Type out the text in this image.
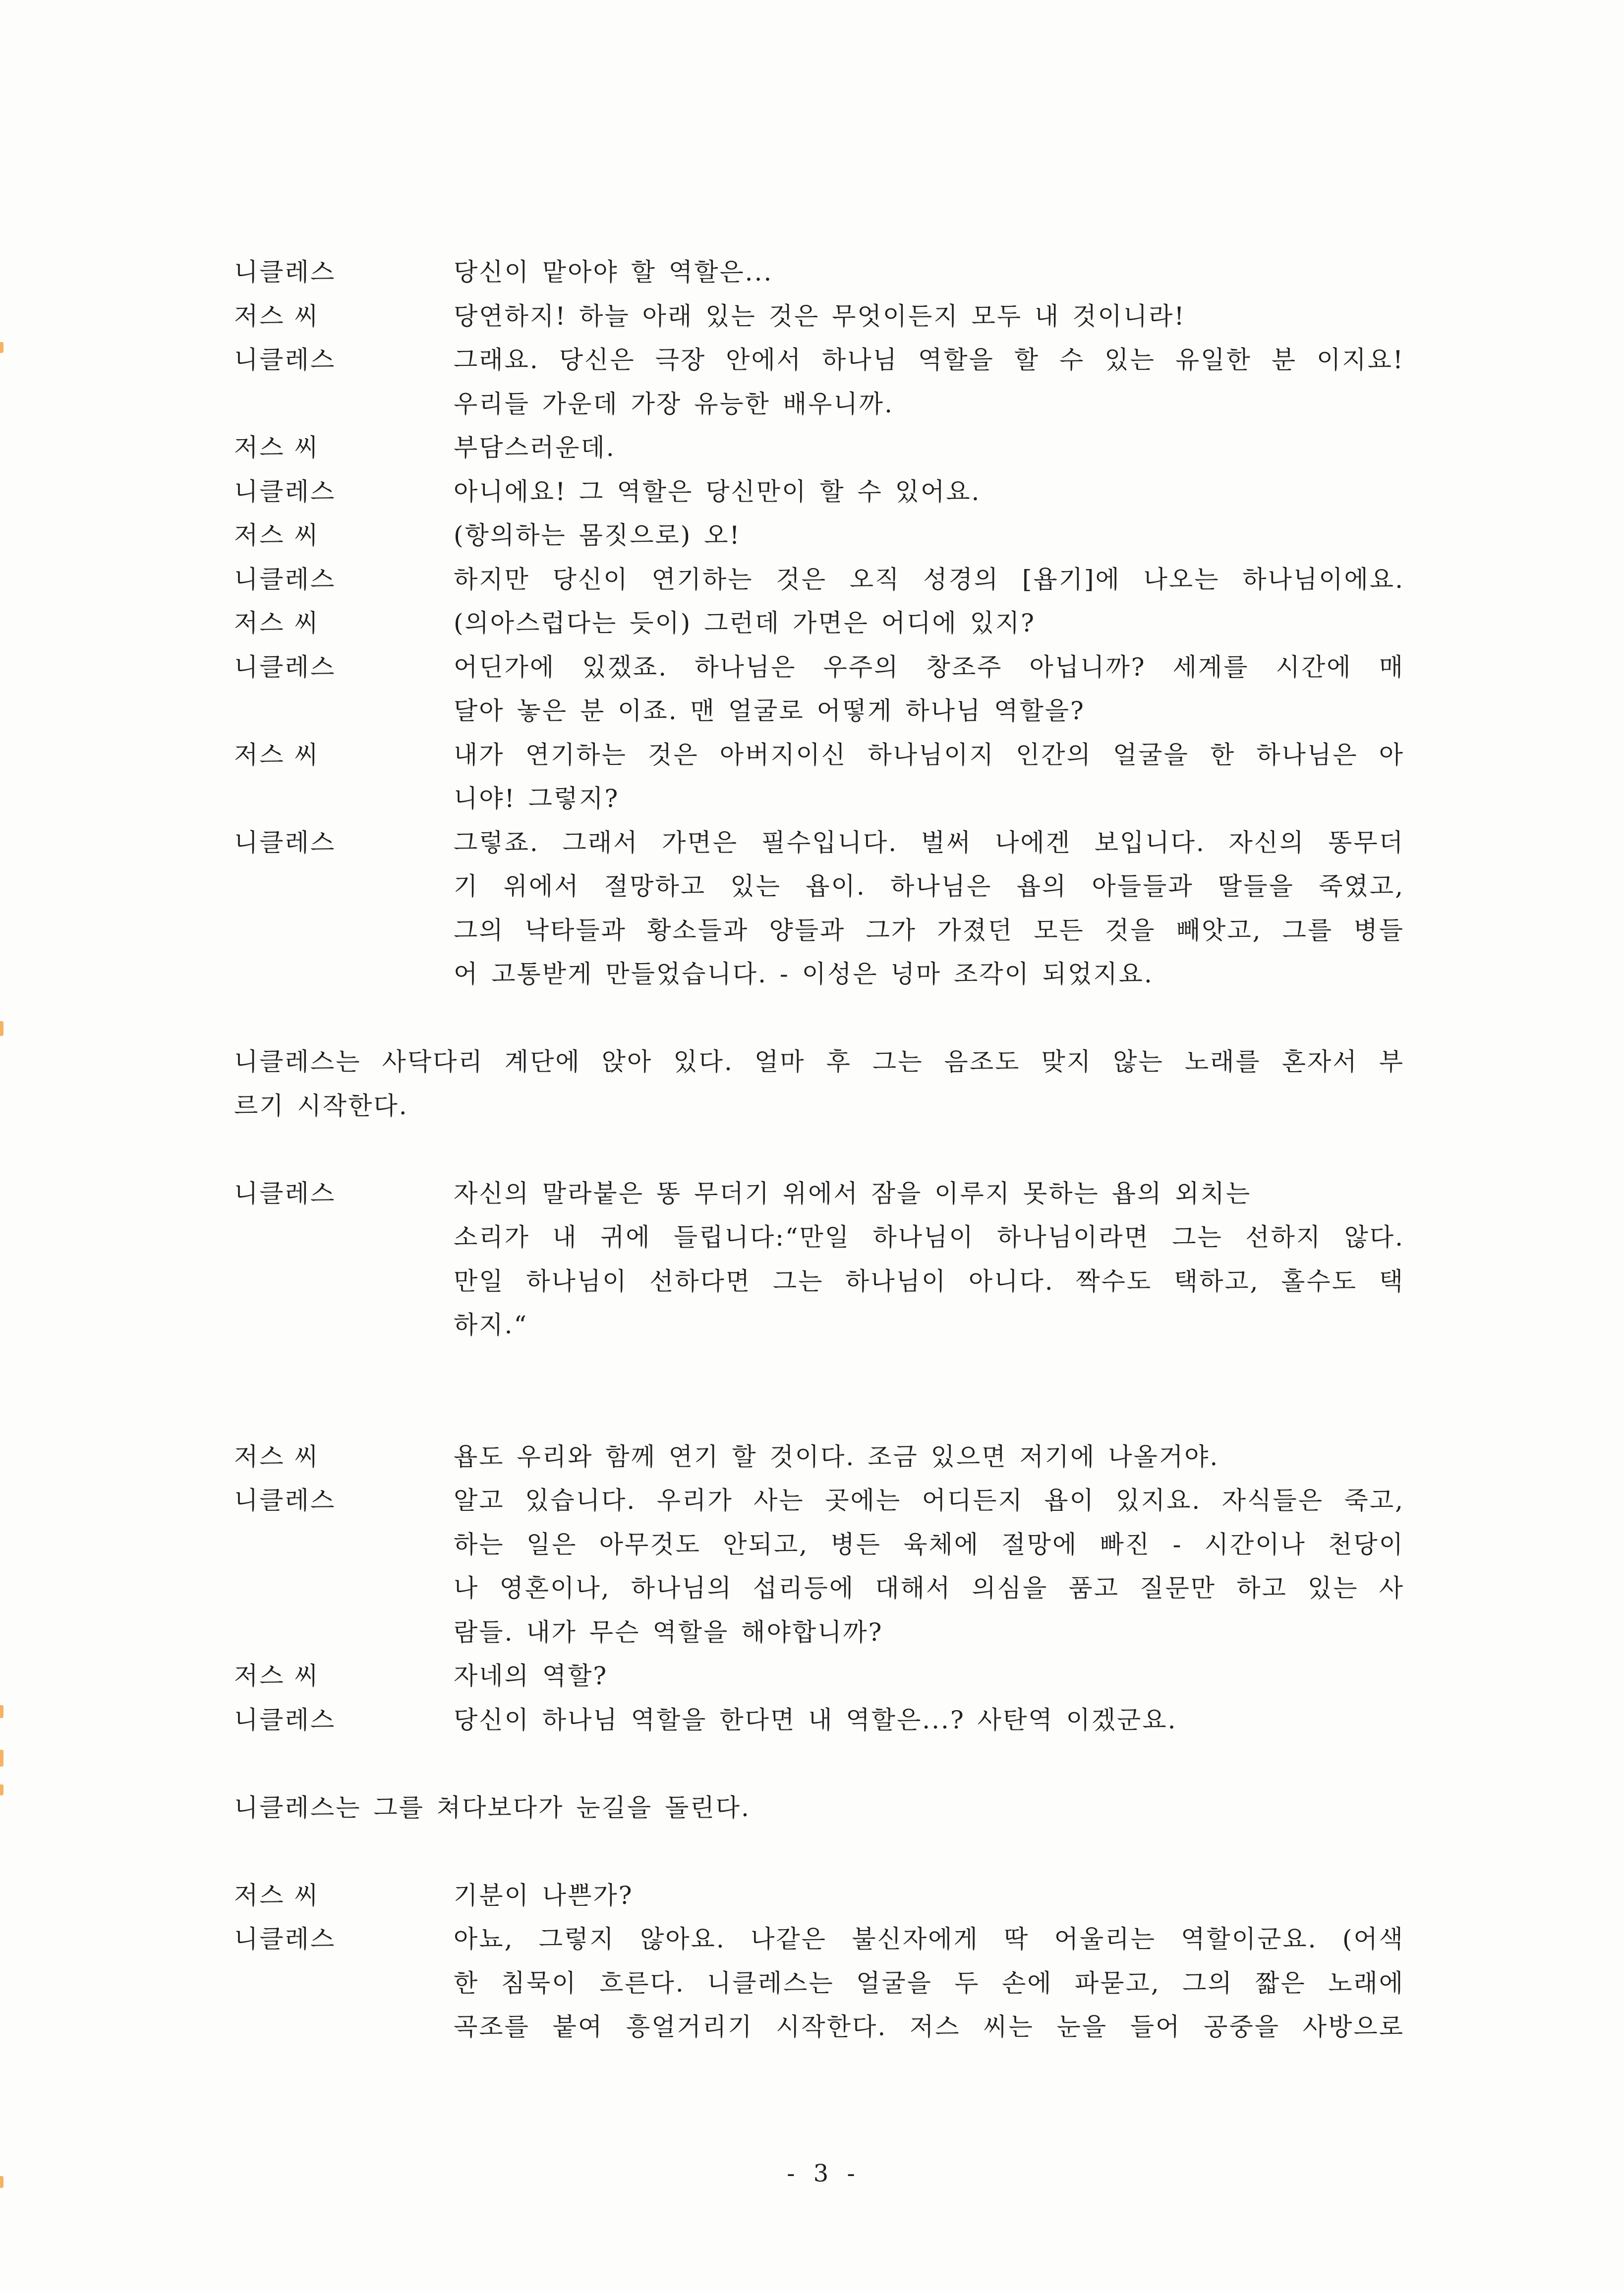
니클레스	당신이 맡아야 할 역할은...
저스 씨	당연하지! 하늘 아래 있는 것은 무엇이든지 모두 내 것이니라!
니클레스	그래요. 당신은 극장 안에서 하나님 역할을 할 수 있는 유일한 분 이지요!
우리들 가운데 가장 유능한 배우니까.
저스 씨	부담스러운데.
니클레스	아니에요! 그 역할은 당신만이 할 수 있어요.
저스 씨	(항의하는 몸짓으로) 오!
니클레스	하지만 당신이 연기하는 것은 오직 성경의 [욥기]에 나오는 하나님이에요.
저스 씨	(의아스럽다는 듯이) 그런데 가면은 어디에 있지?
니클레스	어딘가에 있겠죠. 하나님은 우주의 창조주 아닙니까? 세계를 시간에 매
달아 놓은 분 이죠. 맨 얼굴로 어떻게 하나님 역할을?
저스 씨	내가 연기하는 것은 아버지이신 하나님이지 인간의 얼굴을 한 하나님은 아
니야! 그렇지?
니클레스	그렇죠. 그래서 가면은 필수입니다. 벌써 나에겐 보입니다. 자신의 똥무더
기 위에서 절망하고 있는 욥이. 하나님은 욥의 아들들과 딸들을 죽였고,
그의 낙타들과 황소들과 양들과 그가 가졌던 모든 것을 빼앗고, 그를 병들
어 고통받게 만들었습니다. - 이성은 넝마 조각이 되었지요.
니클레스는 사닥다리 계단에 앉아 있다. 얼마 후 그는 음조도 맞지 않는 노래를 혼자서 부
르기 시작한다.
니클레스	자신의 말라붙은 똥 무더기 위에서 잠을 이루지 못하는 욥의 외치는
소리가 내 귀에 들립니다:“만일 하나님이 하나님이라면 그는 선하지 않다.
만일 하나님이 선하다면 그는 하나님이 아니다. 짝수도 택하고, 홀수도 택
하지.“
저스 씨	욥도 우리와 함께 연기 할 것이다. 조금 있으면 저기에 나올거야.
니클레스	알고 있습니다. 우리가 사는 곳에는 어디든지 욥이 있지요. 자식들은 죽고,
하는 일은 아무것도 안되고, 병든 육체에 절망에 빠진 - 시간이나 천당이
나 영혼이나, 하나님의 섭리등에 대해서 의심을 품고 질문만 하고 있는 사
람들. 내가 무슨 역할을 해야합니까?
저스 씨	자네의 역할?
니클레스	당신이 하나님 역할을 한다면 내 역할은...? 사탄역 이겠군요.
니클레스는 그를 쳐다보다가 눈길을 돌린다.
저스 씨	기분이 나쁜가?
니클레스	아뇨, 그렇지 않아요. 나같은 불신자에게 딱 어울리는 역할이군요. (어색
한 침묵이 흐른다. 니클레스는 얼굴을 두 손에 파묻고, 그의 짧은 노래에
곡조를 붙여 흥얼거리기 시작한다. 저스 씨는 눈을 들어 공중을 사방으로
- 3 -
